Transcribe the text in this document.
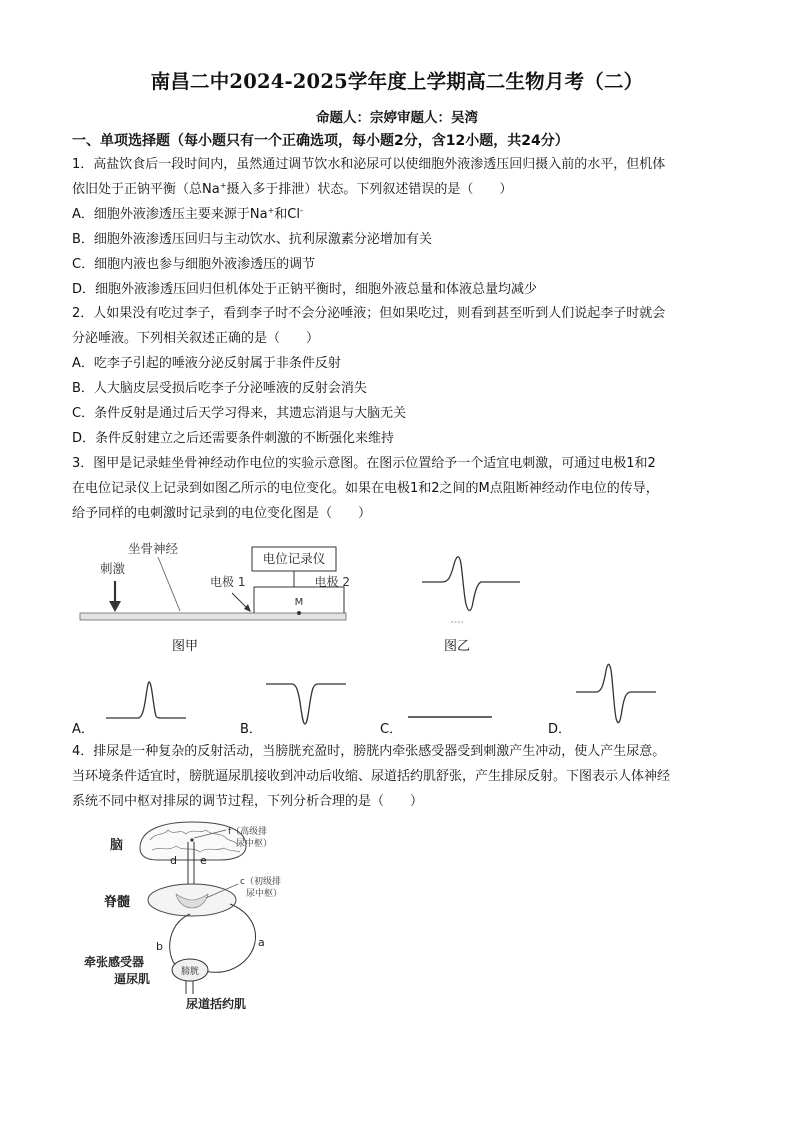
南昌二中2024-2025学年度上学期高二生物月考（二）
命题人：宗婷审题人：吴湾
一、单项选择题（每小题只有一个正确选项，每小题2分，含12小题，共24分）
1．高盐饮食后一段时间内，虽然通过调节饮水和泌尿可以使细胞外液渗透压回归摄入前的水平，但机体
依旧处于正钠平衡（总Na+摄入多于排泄）状态。下列叙述错误的是（　　）
A．细胞外液渗透压主要来源于Na+和Cl-
B．细胞外液渗透压回归与主动饮水、抗利尿激素分泌增加有关
C．细胞内液也参与细胞外液渗透压的调节
D．细胞外液渗透压回归但机体处于正钠平衡时，细胞外液总量和体液总量均减少
2．人如果没有吃过李子，看到李子时不会分泌唾液；但如果吃过，则看到甚至听到人们说起李子时就会
分泌唾液。下列相关叙述正确的是（　　）
A．吃李子引起的唾液分泌反射属于非条件反射
B．人大脑皮层受损后吃李子分泌唾液的反射会消失
C．条件反射是通过后天学习得来，其遗忘消退与大脑无关
D．条件反射建立之后还需要条件刺激的不断强化来维持
3．图甲是记录蛙坐骨神经动作电位的实验示意图。在图示位置给予一个适宜电刺激，可通过电极1和2
在电位记录仪上记录到如图乙所示的电位变化。如果在电极1和2之间的M点阻断神经动作电位的传导，
给予同样的电刺激时记录到的电位变化图是（　　）
坐骨神经
刺激
电位记录仪
电极 1	电极 2
M
图甲	图乙
A．	B．	C．	D．
4．排尿是一种复杂的反射活动，当膀胱充盈时，膀胱内牵张感受器受到刺激产生冲动，使人产生尿意。
当环境条件适宜时，膀胱逼尿肌接收到冲动后收缩、尿道括约肌舒张，产生排尿反射。下图表示人体神经
系统不同中枢对排尿的调节过程，下列分析合理的是（　　）
脑
f（高级排
尿中枢）
d e
脊髓
c（初级排
尿中枢）
a
b
膀胱
牵张感受器
逼尿肌
尿道括约肌
